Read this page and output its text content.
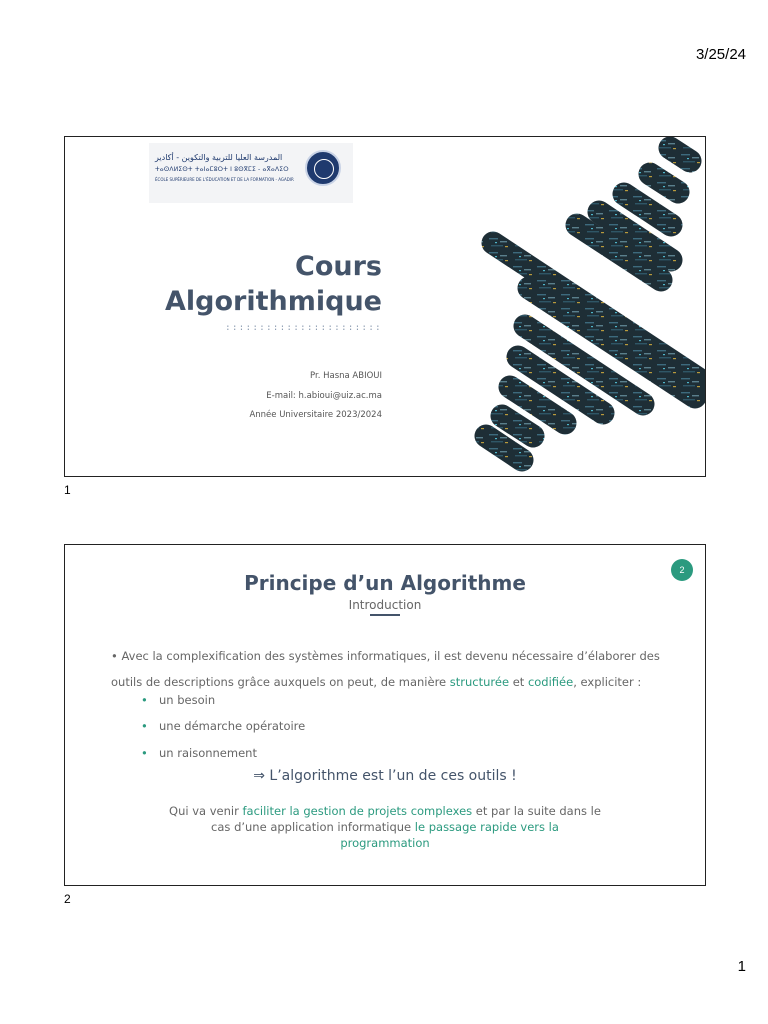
3/25/24
المدرسة العليا للتربية والتكوين - أكادير
ⵜⴰⵙⴷⵍⵉⵙⵜ ⵜⴰⵏⴰⵎⵓⵔⵜ ⵏ ⵓⵙⴳⵎⵉ - ⴰⴳⴰⴷⵉⵔ
ÉCOLE SUPÉRIEURE DE L'ÉDUCATION ET DE LA FORMATION - AGADIR
Cours
Algorithmique
:::::::::::::::::::::::
Pr. Hasna ABIOUI
E-mail: h.abioui@uiz.ac.ma
Année Universitaire 2023/2024
1
2
Principe d’un Algorithme
Introduction
• Avec la complexification des systèmes informatiques, il est devenu nécessaire d’élaborer des outils de descriptions grâce auxquels on peut, de manière structurée et codifiée, expliciter :
• un besoin
• une démarche opératoire
• un raisonnement
⇒ L’algorithme est l’un de ces outils !
Qui va venir faciliter la gestion de projets complexes et par la suite dans le cas d’une application informatique le passage rapide vers la programmation
2
1
